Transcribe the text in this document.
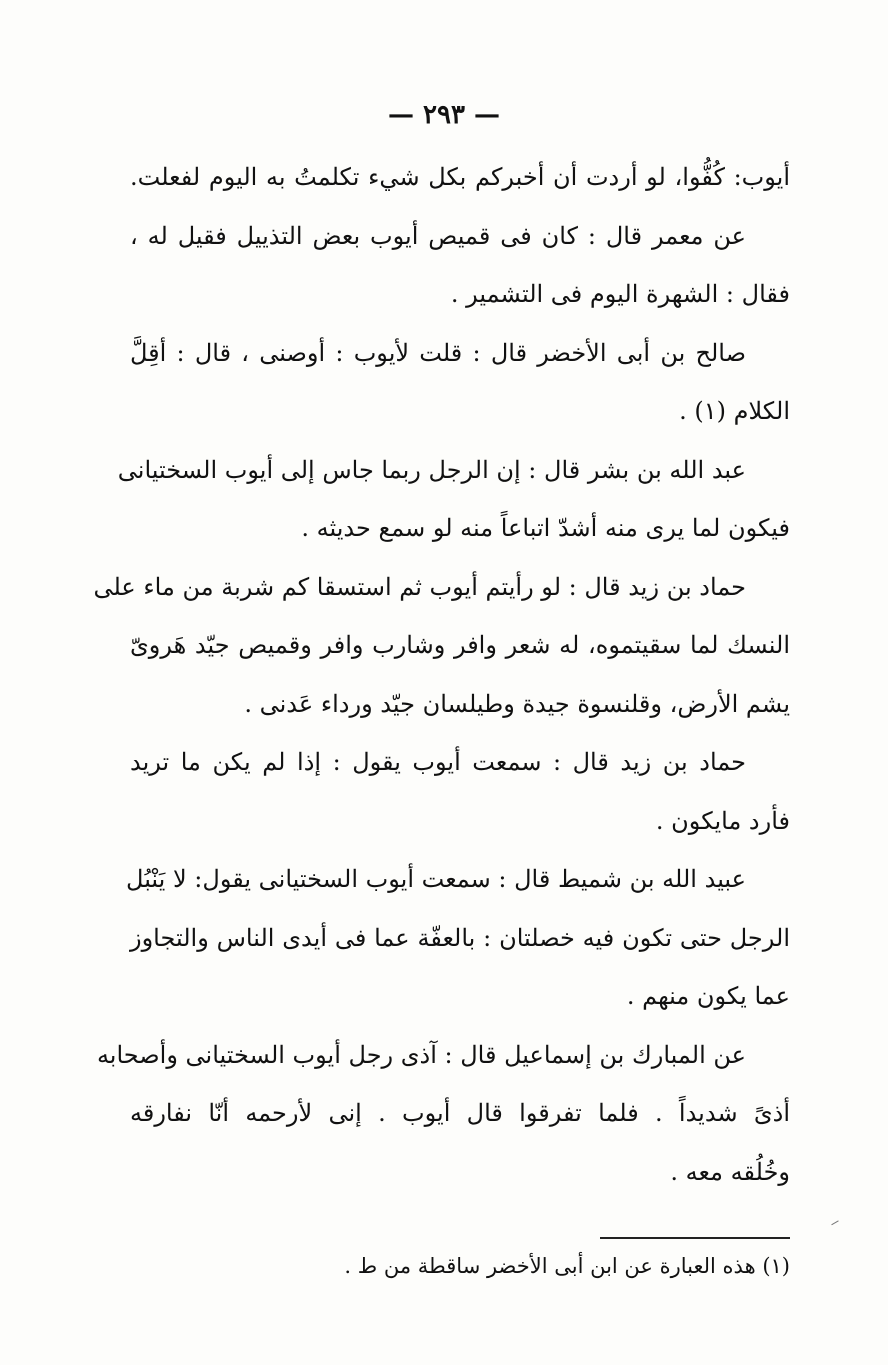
— ٢٩٣ —
أيوب: كُفُّوا، لو أردت أن أخبركم بكل شيء تكلمتُ به اليوم لفعلت.
عن معمر قال : كان فى قميص أيوب بعض التذييل فقيل له ،
فقال : الشهرة اليوم فى التشمير .
صالح بن أبى الأخضر قال : قلت لأيوب : أوصنى ، قال : أقِلَّ
الكلام (١) .
عبد الله بن بشر قال : إن الرجل ربما جاس إلى أيوب السختيانى
فيكون لما يرى منه أشدّ اتباعاً منه لو سمع حديثه .
حماد بن زيد قال : لو رأيتم أيوب ثم استسقا كم شربة من ماء على
النسك لما سقيتموه، له شعر وافر وشارب وافر وقميص جيّد هَروىّ
يشم الأرض، وقلنسوة جيدة وطيلسان جيّد ورداء عَدنى .
حماد بن زيد قال : سمعت أيوب يقول : إذا لم يكن ما تريد
فأرد مايكون .
عبيد الله بن شميط قال : سمعت أيوب السختيانى يقول: لا يَنْبُل
الرجل حتى تكون فيه خصلتان : بالعفّة عما فى أيدى الناس والتجاوز
عما يكون منهم .
عن المبارك بن إسماعيل قال : آذى رجل أيوب السختيانى وأصحابه
أذىً شديداً . فلما تفرقوا قال أيوب . إنى لأرحمه أنّا نفارقه
وخُلُقه معه .
(١) هذه العبارة عن ابن أبى الأخضر ساقطة من ط .
